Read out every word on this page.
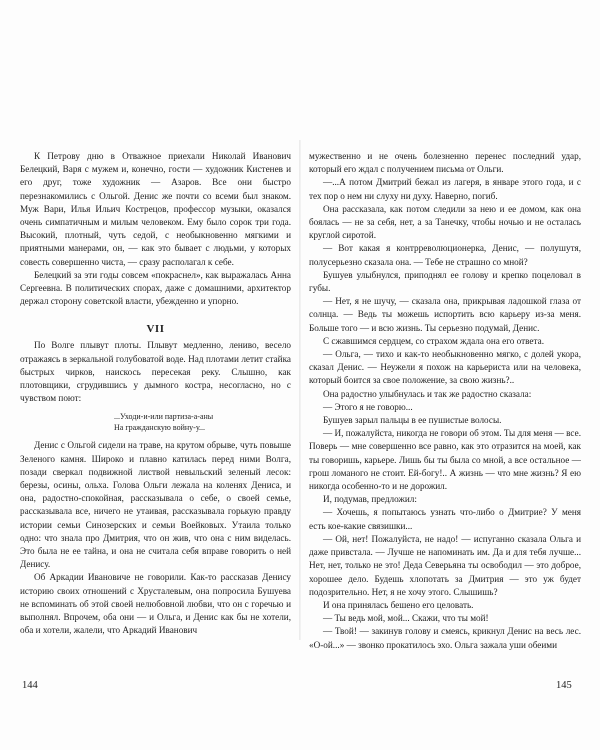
К Петрову дню в Отважное приехали Николай Иванович Белецкий, Варя с мужем и, конечно, гости — художник Кистенев и его друг, тоже художник — Азаров. Все они быстро перезнакомились с Ольгой. Денис же почти со всеми был знаком. Муж Вари, Илья Ильич Кострецов, профессор музыки, оказался очень симпатичным и милым человеком. Ему было сорок три года. Высокий, плотный, чуть седой, с необыкновенно мягкими и приятными манерами, он, — как это бывает с людьми, у которых совесть совершенно чиста, — сразу располагал к себе.

Белецкий за эти годы совсем «покраснел», как выражалась Анна Сергеевна. В политических спорах, даже с домашними, архитектор держал сторону советской власти, убежденно и упорно.

VII

По Волге плывут плоты. Плывут медленно, лениво, весело отражаясь в зеркальной голубоватой воде. Над плотами летит стайка быстрых чирков, наискось пересекая реку. Слышно, как плотовщики, сгрудившись у дымного костра, несогласно, но с чувством поют:

...Уходи-и-или партиза-а-аны
На гражданскую войну-у...

Денис с Ольгой сидели на траве, на крутом обрыве, чуть повыше Зеленого камня. Широко и плавно катилась перед ними Волга, позади сверкал подвижной листвой невыльский зеленый лесок: березы, осины, ольха. Голова Ольги лежала на коленях Дениса, и она, радостно-спокойная, рассказывала о себе, о своей семье, рассказывала все, ничего не утаивая, рассказывала горькую правду истории семьи Синозерских и семьи Воейковых. Утаила только одно: что знала про Дмитрия, что он жив, что она с ним виделась. Это была не ее тайна, и она не считала себя вправе говорить о ней Денису.

Об Аркадии Ивановиче не говорили. Как-то рассказав Денису историю своих отношений с Хрусталевым, она попросила Бушуева не вспоминать об этой своей нелюбовной любви, что он с горечью и выполнял. Впрочем, оба они — и Ольга, и Денис как бы не хотели, оба и хотели, жалели, что Аркадий Иванович

мужественно и не очень болезненно перенес последний удар, который его ждал с получением письма от Ольги.

—...А потом Дмитрий бежал из лагеря, в январе этого года, и с тех пор о нем ни слуху ни духу. Наверно, погиб.

Она рассказала, как потом следили за нею и ее домом, как она боялась — не за себя, нет, а за Танечку, чтобы ночью и не осталась круглой сиротой.

— Вот какая я контрреволюционерка, Денис, — полушутя, полусерьезно сказала она. — Тебе не страшно со мной?

Бушуев улыбнулся, приподнял ее голову и крепко поцеловал в губы.

— Нет, я не шучу, — сказала она, прикрывая ладошкой глаза от солнца. — Ведь ты можешь испортить всю карьеру из-за меня. Больше того — и всю жизнь. Ты серьезно подумай, Денис.

С сжавшимся сердцем, со страхом ждала она его ответа.

— Ольга, — тихо и как-то необыкновенно мягко, с долей укора, сказал Денис. — Неужели я похож на карьериста или на человека, который боится за свое положение, за свою жизнь?..

Она радостно улыбнулась и так же радостно сказала:

— Этого я не говорю...

Бушуев зарыл пальцы в ее пушистые волосы.

— И, пожалуйста, никогда не говори об этом. Ты для меня — все. Поверь — мне совершенно все равно, как это отразится на моей, как ты говоришь, карьере. Лишь бы ты была со мной, а все остальное — грош ломаного не стоит. Ей-богу!.. А жизнь — что мне жизнь? Я ею никогда особенно-то и не дорожил.

И, подумав, предложил:

— Хочешь, я попытаюсь узнать что-либо о Дмитрие? У меня есть кое-какие связишки...

— Ой, нет! Пожалуйста, не надо! — испуганно сказала Ольга и даже привстала. — Лучше не напоминать им. Да и для тебя лучше... Нет, нет, только не это! Деда Северьяна ты освободил — это доброе, хорошее дело. Будешь хлопотать за Дмитрия — это уж будет подозрительно. Нет, я не хочу этого. Слышишь?

И она принялась бешено его целовать.

— Ты ведь мой, мой... Скажи, что ты мой!

— Твой! — закинув голову и смеясь, крикнул Денис на весь лес. «О-ой...» — звонко прокатилось эхо. Ольга зажала уши обеими

144	145
